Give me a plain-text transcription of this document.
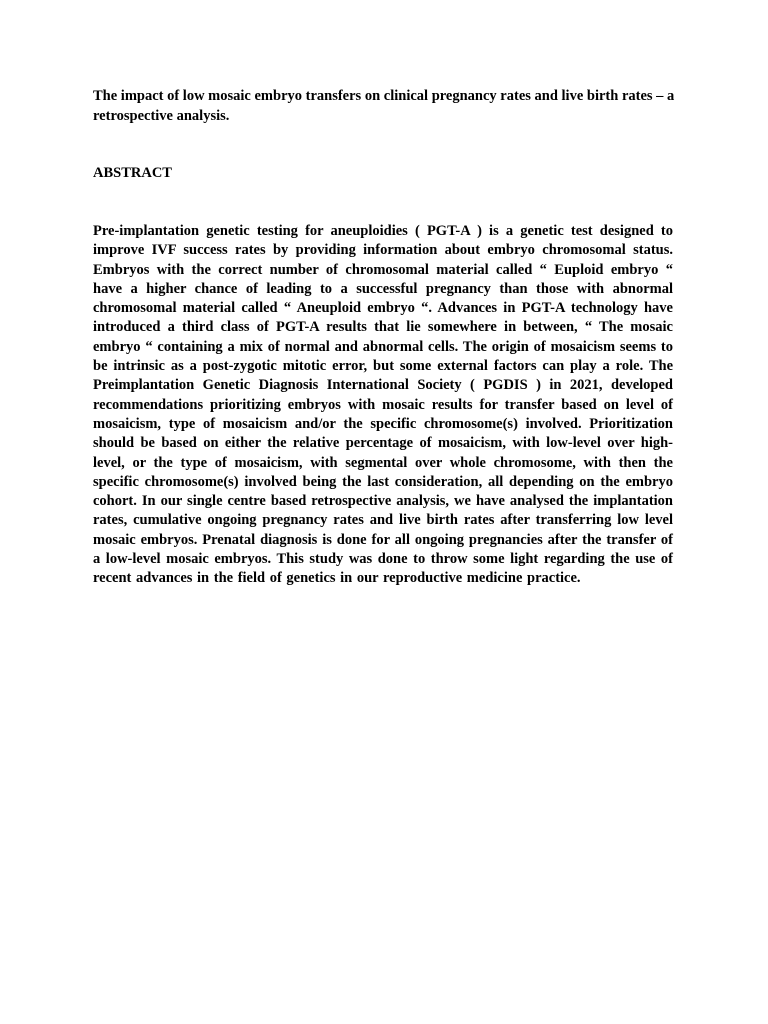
The impact of low mosaic embryo transfers on clinical pregnancy rates and live birth rates – a retrospective analysis.

ABSTRACT

Pre-implantation genetic testing for aneuploidies ( PGT-A ) is a genetic test designed to improve IVF success rates by providing information about embryo chromosomal status. Embryos with the correct number of chromosomal material called “ Euploid embryo “ have a higher chance of leading to a successful pregnancy than those with abnormal chromosomal material called “ Aneuploid embryo “. Advances in PGT-A technology have introduced a third class of PGT-A results that lie somewhere in between, “ The mosaic embryo “ containing a mix of normal and abnormal cells. The origin of mosaicism seems to be intrinsic as a post-zygotic mitotic error, but some external factors can play a role. The Preimplantation Genetic Diagnosis International Society ( PGDIS ) in 2021, developed recommendations prioritizing embryos with mosaic results for transfer based on level of mosaicism, type of mosaicism and/or the specific chromosome(s) involved. Prioritization should be based on either the relative percentage of mosaicism, with low-level over high-level, or the type of mosaicism, with segmental over whole chromosome, with then the specific chromosome(s) involved being the last consideration, all depending on the embryo cohort. In our single centre based retrospective analysis, we have analysed the implantation rates, cumulative ongoing pregnancy rates and live birth rates after transferring low level mosaic embryos. Prenatal diagnosis is done for all ongoing pregnancies after the transfer of a low-level mosaic embryos. This study was done to throw some light regarding the use of recent advances in the field of genetics in our reproductive medicine practice.
